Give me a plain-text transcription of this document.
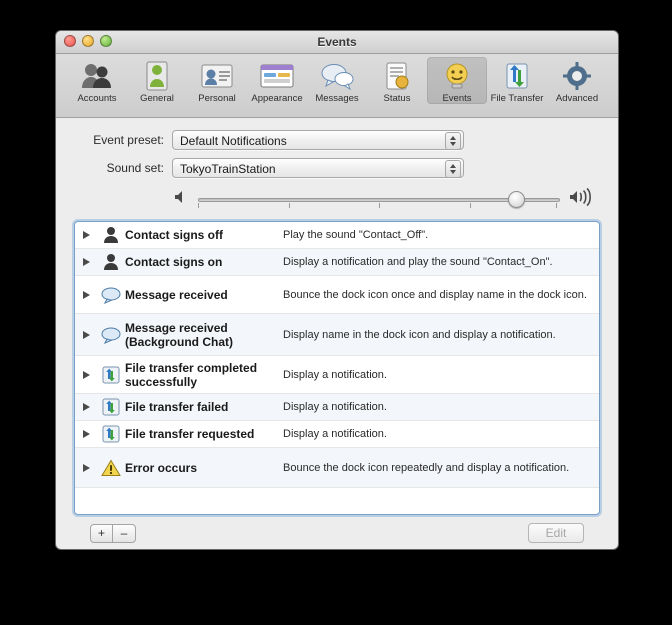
Events
Accounts	General	Personal	Appearance	Messages	Status	Events	File Transfer	Advanced
Event preset:	Default Notifications
Sound set:	TokyoTrainStation
Contact signs off	Play the sound "Contact_Off".
Contact signs on	Display a notification and play the sound "Contact_On".
Message received	Bounce the dock icon once and display name in the dock icon.
Message received (Background Chat)	Display name in the dock icon and display a notification.
File transfer completed successfully	Display a notification.
File transfer failed	Display a notification.
File transfer requested	Display a notification.
Error occurs	Bounce the dock icon repeatedly and display a notification.
+	–	Edit
